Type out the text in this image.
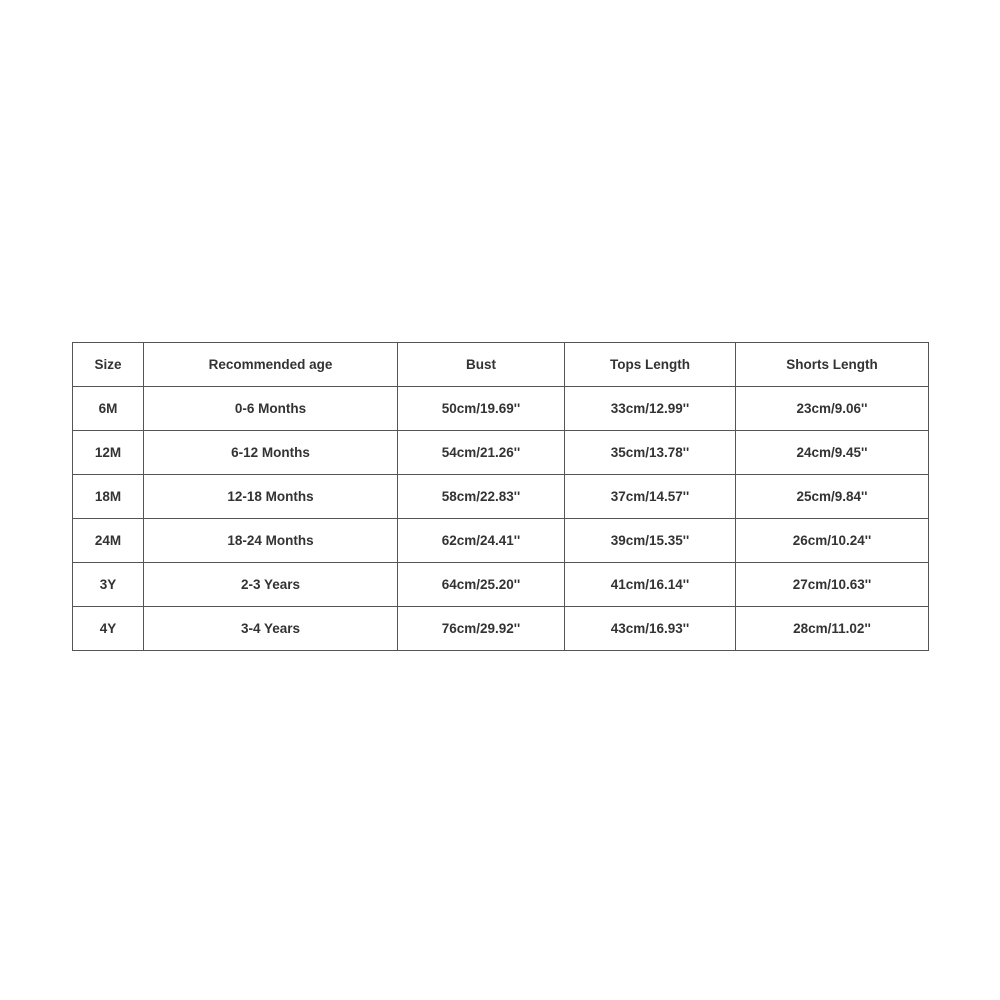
Size	Recommended age	Bust	Tops Length	Shorts Length
6M	0-6 Months	50cm/19.69''	33cm/12.99''	23cm/9.06''
12M	6-12 Months	54cm/21.26''	35cm/13.78''	24cm/9.45''
18M	12-18 Months	58cm/22.83''	37cm/14.57''	25cm/9.84''
24M	18-24 Months	62cm/24.41''	39cm/15.35''	26cm/10.24''
3Y	2-3 Years	64cm/25.20''	41cm/16.14''	27cm/10.63''
4Y	3-4 Years	76cm/29.92''	43cm/16.93''	28cm/11.02''
